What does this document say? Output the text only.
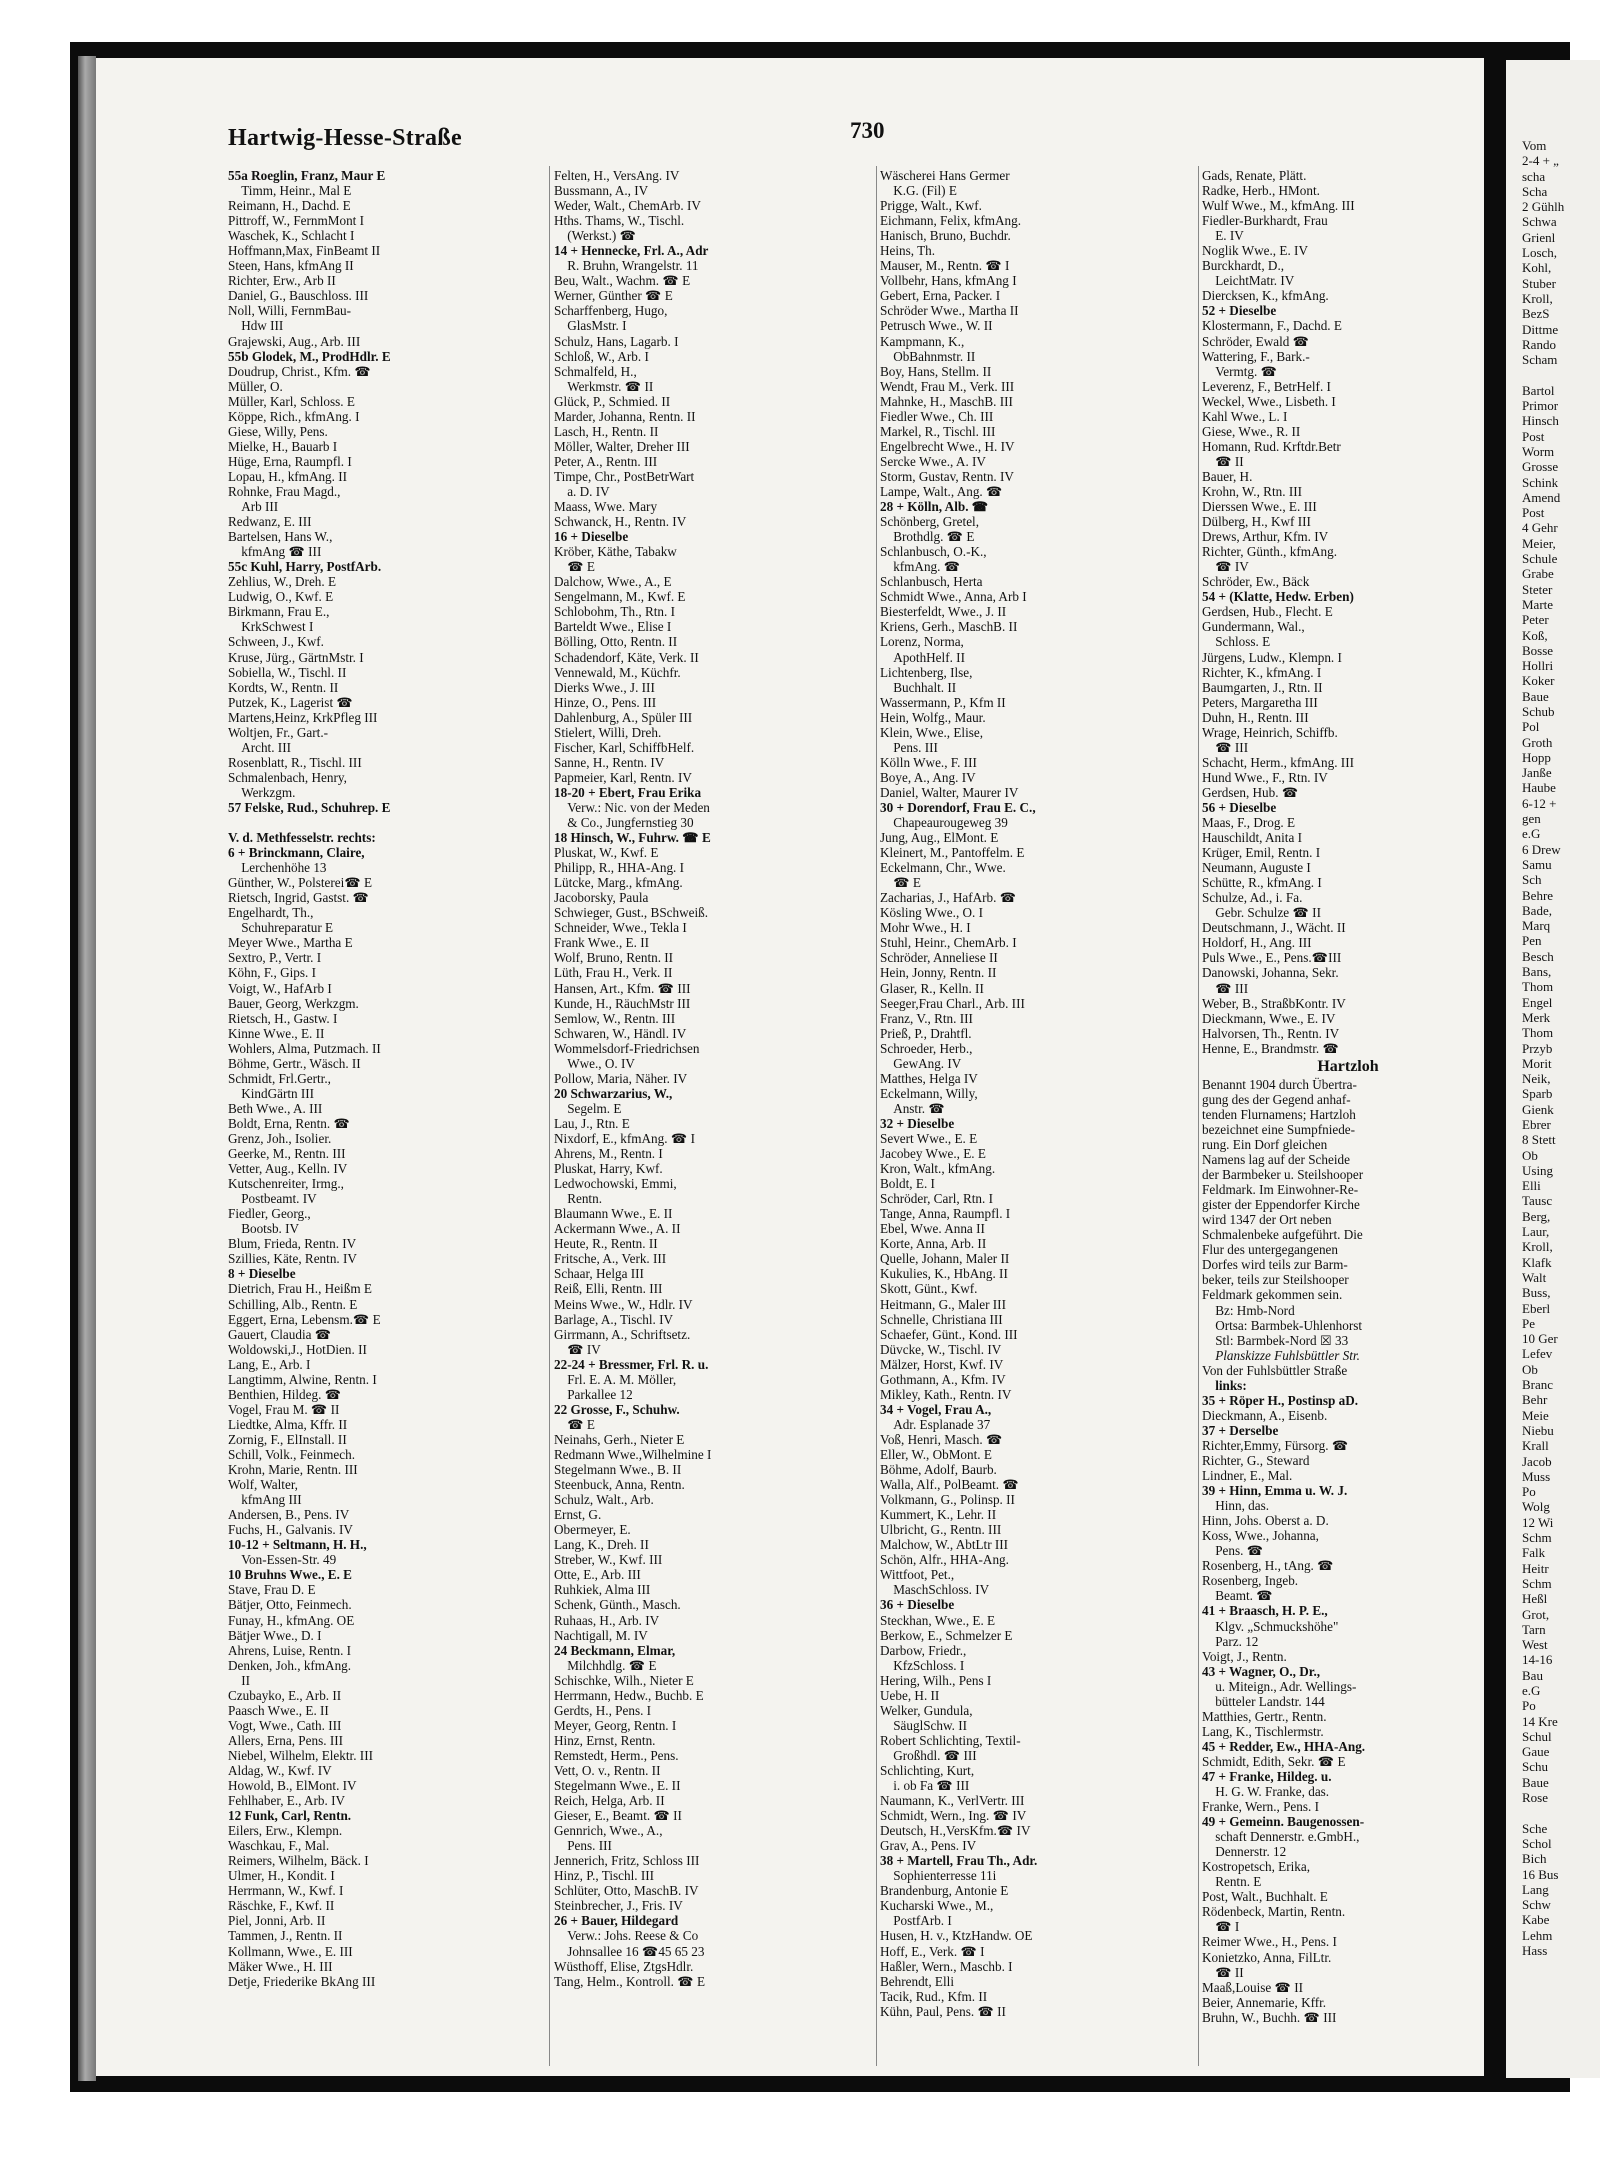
Hartwig-Hesse-Straße	730
55a Roeglin, Franz, Maur E
Timm, Heinr., Mal E
Reimann, H., Dachd. E
Pittroff, W., FernmMont I
Waschek, K., Schlacht I
Hoffmann,Max, FinBeamt II
Steen, Hans, kfmAng II
Richter, Erw., Arb II
Daniel, G., Bauschloss. III
Noll, Willi, FernmBau-
Hdw III
Grajewski, Aug., Arb. III
55b Glodek, M., ProdHdlr. E
Doudrup, Christ., Kfm. ☎
Müller, O.
Müller, Karl, Schloss. E
Köppe, Rich., kfmAng. I
Giese, Willy, Pens.
Mielke, H., Bauarb I
Hüge, Erna, Raumpfl. I
Lopau, H., kfmAng. II
Rohnke, Frau Magd.,
Arb III
Redwanz, E. III
Bartelsen, Hans W.,
kfmAng ☎ III
55c Kuhl, Harry, PostfArb.
Zehlius, W., Dreh. E
Ludwig, O., Kwf. E
Birkmann, Frau E.,
KrkSchwest I
Schween, J., Kwf.
Kruse, Jürg., GärtnMstr. I
Sobiella, W., Tischl. II
Kordts, W., Rentn. II
Putzek, K., Lagerist ☎
Martens,Heinz, KrkPfleg III
Woltjen, Fr., Gart.-
Archt. III
Rosenblatt, R., Tischl. III
Schmalenbach, Henry,
Werkzgm.
57 Felske, Rud., Schuhrep. E

V. d. Methfesselstr. rechts:
6 + Brinckmann, Claire,
Lerchenhöhe 13
Günther, W., Polsterei☎ E
Rietsch, Ingrid, Gastst. ☎
Engelhardt, Th.,
Schuhreparatur E
Meyer Wwe., Martha E
Sextro, P., Vertr. I
Köhn, F., Gips. I
Voigt, W., HafArb I
Bauer, Georg, Werkzgm.
Rietsch, H., Gastw. I
Kinne Wwe., E. II
Wohlers, Alma, Putzmach. II
Böhme, Gertr., Wäsch. II
Schmidt, Frl.Gertr.,
KindGärtn III
Beth Wwe., A. III
Boldt, Erna, Rentn. ☎
Grenz, Joh., Isolier.
Geerke, M., Rentn. III
Vetter, Aug., Kelln. IV
Kutschenreiter, Irmg.,
Postbeamt. IV
Fiedler, Georg.,
Bootsb. IV
Blum, Frieda, Rentn. IV
Szillies, Käte, Rentn. IV
8 + Dieselbe
Dietrich, Frau H., Heißm E
Schilling, Alb., Rentn. E
Eggert, Erna, Lebensm.☎ E
Gauert, Claudia ☎
Woldowski,J., HotDien. II
Lang, E., Arb. I
Langtimm, Alwine, Rentn. I
Benthien, Hildeg. ☎
Vogel, Frau M. ☎ II
Liedtke, Alma, Kffr. II
Zornig, F., ElInstall. II
Schill, Volk., Feinmech.
Krohn, Marie, Rentn. III
Wolf, Walter,
kfmAng III
Andersen, B., Pens. IV
Fuchs, H., Galvanis. IV
10-12 + Seltmann, H. H.,
Von-Essen-Str. 49
10 Bruhns Wwe., E. E
Stave, Frau D. E
Bätjer, Otto, Feinmech.
Funay, H., kfmAng. OE
Bätjer Wwe., D. I
Ahrens, Luise, Rentn. I
Denken, Joh., kfmAng.
II
Czubayko, E., Arb. II
Paasch Wwe., E. II
Vogt, Wwe., Cath. III
Allers, Erna, Pens. III
Niebel, Wilhelm, Elektr. III
Aldag, W., Kwf. IV
Howold, B., ElMont. IV
Fehlhaber, E., Arb. IV
12 Funk, Carl, Rentn.
Eilers, Erw., Klempn.
Waschkau, F., Mal.
Reimers, Wilhelm, Bäck. I
Ulmer, H., Kondit. I
Herrmann, W., Kwf. I
Räschke, F., Kwf. II
Piel, Jonni, Arb. II
Tammen, J., Rentn. II
Kollmann, Wwe., E. III
Mäker Wwe., H. III
Detje, Friederike BkAng III
Felten, H., VersAng. IV
Bussmann, A., IV
Weder, Walt., ChemArb. IV
Hths. Thams, W., Tischl.
(Werkst.) ☎
14 + Hennecke, Frl. A., Adr
R. Bruhn, Wrangelstr. 11
Beu, Walt., Wachm. ☎ E
Werner, Günther ☎ E
Scharffenberg, Hugo,
GlasMstr. I
Schulz, Hans, Lagarb. I
Schloß, W., Arb. I
Schmalfeld, H.,
Werkmstr. ☎ II
Glück, P., Schmied. II
Marder, Johanna, Rentn. II
Lasch, H., Rentn. II
Möller, Walter, Dreher III
Peter, A., Rentn. III
Timpe, Chr., PostBetrWart
a. D. IV
Maass, Wwe. Mary
Schwanck, H., Rentn. IV
16 + Dieselbe
Kröber, Käthe, Tabakw
☎ E
Dalchow, Wwe., A., E
Sengelmann, M., Kwf. E
Schlobohm, Th., Rtn. I
Barteldt Wwe., Elise I
Bölling, Otto, Rentn. II
Schadendorf, Käte, Verk. II
Vennewald, M., Küchfr.
Dierks Wwe., J. III
Hinze, O., Pens. III
Dahlenburg, A., Spüler III
Stielert, Willi, Dreh.
Fischer, Karl, SchiffbHelf.
Sanne, H., Rentn. IV
Papmeier, Karl, Rentn. IV
18-20 + Ebert, Frau Erika
Verw.: Nic. von der Meden
& Co., Jungfernstieg 30
18 Hinsch, W., Fuhrw. ☎ E
Pluskat, W., Kwf. E
Philipp, R., HHA-Ang. I
Lütcke, Marg., kfmAng.
Jacoborsky, Paula
Schwieger, Gust., BSchweiß.
Schneider, Wwe., Tekla I
Frank Wwe., E. II
Wolf, Bruno, Rentn. II
Lüth, Frau H., Verk. II
Hansen, Art., Kfm. ☎ III
Kunde, H., RäuchMstr III
Semlow, W., Rentn. III
Schwaren, W., Händl. IV
Wommelsdorf-Friedrichsen
Wwe., O. IV
Pollow, Maria, Näher. IV
20 Schwarzarius, W.,
Segelm. E
Lau, J., Rtn. E
Nixdorf, E., kfmAng. ☎ I
Ahrens, M., Rentn. I
Pluskat, Harry, Kwf.
Ledwochowski, Emmi,
Rentn.
Blaumann Wwe., E. II
Ackermann Wwe., A. II
Heute, R., Rentn. II
Fritsche, A., Verk. III
Schaar, Helga III
Reiß, Elli, Rentn. III
Meins Wwe., W., Hdlr. IV
Barlage, A., Tischl. IV
Girrmann, A., Schriftsetz.
☎ IV
22-24 + Bressmer, Frl. R. u.
Frl. E. A. M. Möller,
Parkallee 12
22 Grosse, F., Schuhw.
☎ E
Neinahs, Gerh., Nieter E
Redmann Wwe.,Wilhelmine I
Stegelmann Wwe., B. II
Steenbuck, Anna, Rentn.
Schulz, Walt., Arb.
Ernst, G.
Obermeyer, E.
Lang, K., Dreh. II
Streber, W., Kwf. III
Otte, E., Arb. III
Ruhkiek, Alma III
Schenk, Günth., Masch.
Ruhaas, H., Arb. IV
Nachtigall, M. IV
24 Beckmann, Elmar,
Milchhdlg. ☎ E
Schischke, Wilh., Nieter E
Herrmann, Hedw., Buchb. E
Gerdts, H., Pens. I
Meyer, Georg, Rentn. I
Hinz, Ernst, Rentn.
Remstedt, Herm., Pens.
Vett, O. v., Rentn. II
Stegelmann Wwe., E. II
Reich, Helga, Arb. II
Gieser, E., Beamt. ☎ II
Gennrich, Wwe., A.,
Pens. III
Jennerich, Fritz, Schloss III
Hinz, P., Tischl. III
Schlüter, Otto, MaschB. IV
Steinbrecher, J., Fris. IV
26 + Bauer, Hildegard
Verw.: Johs. Reese & Co
Johnsallee 16 ☎45 65 23
Wüsthoff, Elise, ZtgsHdlr.
Tang, Helm., Kontroll. ☎ E
Wäscherei Hans Germer
K.G. (Fil) E
Prigge, Walt., Kwf.
Eichmann, Felix, kfmAng.
Hanisch, Bruno, Buchdr.
Heins, Th.
Mauser, M., Rentn. ☎ I
Vollbehr, Hans, kfmAng I
Gebert, Erna, Packer. I
Schröder Wwe., Martha II
Petrusch Wwe., W. II
Kampmann, K.,
ObBahnmstr. II
Boy, Hans, Stellm. II
Wendt, Frau M., Verk. III
Mahnke, H., MaschB. III
Fiedler Wwe., Ch. III
Markel, R., Tischl. III
Engelbrecht Wwe., H. IV
Sercke Wwe., A. IV
Storm, Gustav, Rentn. IV
Lampe, Walt., Ang. ☎
28 + Kölln, Alb. ☎
Schönberg, Gretel,
Brothdlg. ☎ E
Schlanbusch, O.-K.,
kfmAng. ☎
Schlanbusch, Herta
Schmidt Wwe., Anna, Arb I
Biesterfeldt, Wwe., J. II
Kriens, Gerh., MaschB. II
Lorenz, Norma,
ApothHelf. II
Lichtenberg, Ilse,
Buchhalt. II
Wassermann, P., Kfm II
Hein, Wolfg., Maur.
Klein, Wwe., Elise,
Pens. III
Kölln Wwe., F. III
Boye, A., Ang. IV
Daniel, Walter, Maurer IV
30 + Dorendorf, Frau E. C.,
Chapeaurougeweg 39
Jung, Aug., ElMont. E
Kleinert, M., Pantoffelm. E
Eckelmann, Chr., Wwe.
☎ E
Zacharias, J., HafArb. ☎
Kösling Wwe., O. I
Mohr Wwe., H. I
Stuhl, Heinr., ChemArb. I
Schröder, Anneliese II
Hein, Jonny, Rentn. II
Glaser, R., Kelln. II
Seeger,Frau Charl., Arb. III
Franz, V., Rtn. III
Prieß, P., Drahtfl.
Schroeder, Herb.,
GewAng. IV
Matthes, Helga IV
Eckelmann, Willy,
Anstr. ☎
32 + Dieselbe
Severt Wwe., E. E
Jacobey Wwe., E. E
Kron, Walt., kfmAng.
Boldt, E. I
Schröder, Carl, Rtn. I
Tange, Anna, Raumpfl. I
Ebel, Wwe. Anna II
Korte, Anna, Arb. II
Quelle, Johann, Maler II
Kukulies, K., HbAng. II
Skott, Günt., Kwf.
Heitmann, G., Maler III
Schnelle, Christiana III
Schaefer, Günt., Kond. III
Düvcke, W., Tischl. IV
Mälzer, Horst, Kwf. IV
Gothmann, A., Kfm. IV
Mikley, Kath., Rentn. IV
34 + Vogel, Frau A.,
Adr. Esplanade 37
Voß, Henri, Masch. ☎
Eller, W., ObMont. E
Böhme, Adolf, Baurb.
Walla, Alf., PolBeamt. ☎
Volkmann, G., Polinsp. II
Kummert, K., Lehr. II
Ulbricht, G., Rentn. III
Malchow, W., AbtLtr III
Schön, Alfr., HHA-Ang.
Wittfoot, Pet.,
MaschSchloss. IV
36 + Dieselbe
Steckhan, Wwe., E. E
Berkow, E., Schmelzer E
Darbow, Friedr.,
KfzSchloss. I
Hering, Wilh., Pens I
Uebe, H. II
Welker, Gundula,
SäuglSchw. II
Robert Schlichting, Textil-
Großhdl. ☎ III
Schlichting, Kurt,
i. ob Fa ☎ III
Naumann, K., VerlVertr. III
Schmidt, Wern., Ing. ☎ IV
Deutsch, H.,VersKfm.☎ IV
Grav, A., Pens. IV
38 + Martell, Frau Th., Adr.
Sophienterresse 11i
Brandenburg, Antonie E
Kucharski Wwe., M.,
PostfArb. I
Husen, H. v., KtzHandw. OE
Hoff, E., Verk. ☎ I
Haßler, Wern., Maschb. I
Behrendt, Elli
Tacik, Rud., Kfm. II
Kühn, Paul, Pens. ☎ II
Gads, Renate, Plätt.
Radke, Herb., HMont.
Wulf Wwe., M., kfmAng. III
Fiedler-Burkhardt, Frau
E. IV
Noglik Wwe., E. IV
Burckhardt, D.,
LeichtMatr. IV
Diercksen, K., kfmAng.
52 + Dieselbe
Klostermann, F., Dachd. E
Schröder, Ewald ☎
Wattering, F., Bark.-
Vermtg. ☎
Leverenz, F., BetrHelf. I
Weckel, Wwe., Lisbeth. I
Kahl Wwe., L. I
Giese, Wwe., R. II
Homann, Rud. Krftdr.Betr
☎ II
Bauer, H.
Krohn, W., Rtn. III
Dierssen Wwe., E. III
Dülberg, H., Kwf III
Drews, Arthur, Kfm. IV
Richter, Günth., kfmAng.
☎ IV
Schröder, Ew., Bäck
54 + (Klatte, Hedw. Erben)
Gerdsen, Hub., Flecht. E
Gundermann, Wal.,
Schloss. E
Jürgens, Ludw., Klempn. I
Richter, K., kfmAng. I
Baumgarten, J., Rtn. II
Peters, Margaretha III
Duhn, H., Rentn. III
Wrage, Heinrich, Schiffb.
☎ III
Schacht, Herm., kfmAng. III
Hund Wwe., F., Rtn. IV
Gerdsen, Hub. ☎
56 + Dieselbe
Maas, F., Drog. E
Hauschildt, Anita I
Krüger, Emil, Rentn. I
Neumann, Auguste I
Schütte, R., kfmAng. I
Schulze, Ad., i. Fa.
Gebr. Schulze ☎ II
Deutschmann, J., Wächt. II
Holdorf, H., Ang. III
Puls Wwe., E., Pens.☎III
Danowski, Johanna, Sekr.
☎ III
Weber, B., StraßbKontr. IV
Dieckmann, Wwe., E. IV
Halvorsen, Th., Rentn. IV
Henne, E., Brandmstr. ☎
Hartzloh
Benannt 1904 durch Übertra-
gung des der Gegend anhaf-
tenden Flurnamens; Hartzloh
bezeichnet eine Sumpfniede-
rung. Ein Dorf gleichen
Namens lag auf der Scheide
der Barmbeker u. Steilshooper
Feldmark. Im Einwohner-Re-
gister der Eppendorfer Kirche
wird 1347 der Ort neben
Schmalenbeke aufgeführt. Die
Flur des untergegangenen
Dorfes wird teils zur Barm-
beker, teils zur Steilshooper
Feldmark gekommen sein.
Bz: Hmb-Nord
Ortsa: Barmbek-Uhlenhorst
Stl: Barmbek-Nord ☒ 33
Planskizze Fuhlsbüttler Str.
Von der Fuhlsbüttler Straße
links:
35 + Röper H., Postinsp aD.
Dieckmann, A., Eisenb.
37 + Derselbe
Richter,Emmy, Fürsorg. ☎
Richter, G., Steward
Lindner, E., Mal.
39 + Hinn, Emma u. W. J.
Hinn, das.
Hinn, Johs. Oberst a. D.
Koss, Wwe., Johanna,
Pens. ☎
Rosenberg, H., tAng. ☎
Rosenberg, Ingeb.
Beamt. ☎
41 + Braasch, H. P. E.,
Klgv. „Schmuckshöhe"
Parz. 12
Voigt, J., Rentn.
43 + Wagner, O., Dr.,
u. Miteign., Adr. Wellings-
bütteler Landstr. 144
Matthies, Gertr., Rentn.
Lang, K., Tischlermstr.
45 + Redder, Ew., HHA-Ang.
Schmidt, Edith, Sekr. ☎ E
47 + Franke, Hildeg. u.
H. G. W. Franke, das.
Franke, Wern., Pens. I
49 + Gemeinn. Baugenossen-
schaft Dennerstr. e.GmbH.,
Dennerstr. 12
Kostropetsch, Erika,
Rentn. E
Post, Walt., Buchhalt. E
Rödenbeck, Martin, Rentn.
☎ I
Reimer Wwe., H., Pens. I
Konietzko, Anna, FilLtr.
☎ II
Maaß,Louise ☎ II
Beier, Annemarie, Kffr.
Bruhn, W., Buchh. ☎ III
Vom
2-4 + „
scha
Scha
2 Gühlh
Schwa
Grienl
Losch,
Kohl,
Stuber
Kroll,
BezS
Dittme
Rando
Scham

Bartol
Primor
Hinsch
Post
Worm
Grosse
Schink
Amend
Post
4 Gehr
Meier,
Schule
Grabe
Steter
Marte
Peter
Koß,
Bosse
Hollri
Koker
Baue
Schub
Pol
Groth
Hopp
Janße
Haube
6-12 +
gen
e.G
6 Drew
Samu
Sch
Behre
Bade,
Marq
Pen
Besch
Bans,
Thom
Engel
Merk
Thom
Przyb
Morit
Neik,
Sparb
Gienk
Ebrer
8 Stett
Ob
Using
Elli
Tausc
Berg,
Laur,
Kroll,
Klafk
Walt
Buss,
Eberl
Pe
10 Ger
Lefev
Ob
Branc
Behr
Meie
Niebu
Krall
Jacob
Muss
Po
Wolg
12 Wi
Schm
Falk
Heitr
Schm
Heßl
Grot,
Tarn
West
14-16
Bau
e.G
Po
14 Kre
Schul
Gaue
Schu
Baue
Rose

Sche
Schol
Bich
16 Bus
Lang
Schw
Kabe
Lehm
Hass
